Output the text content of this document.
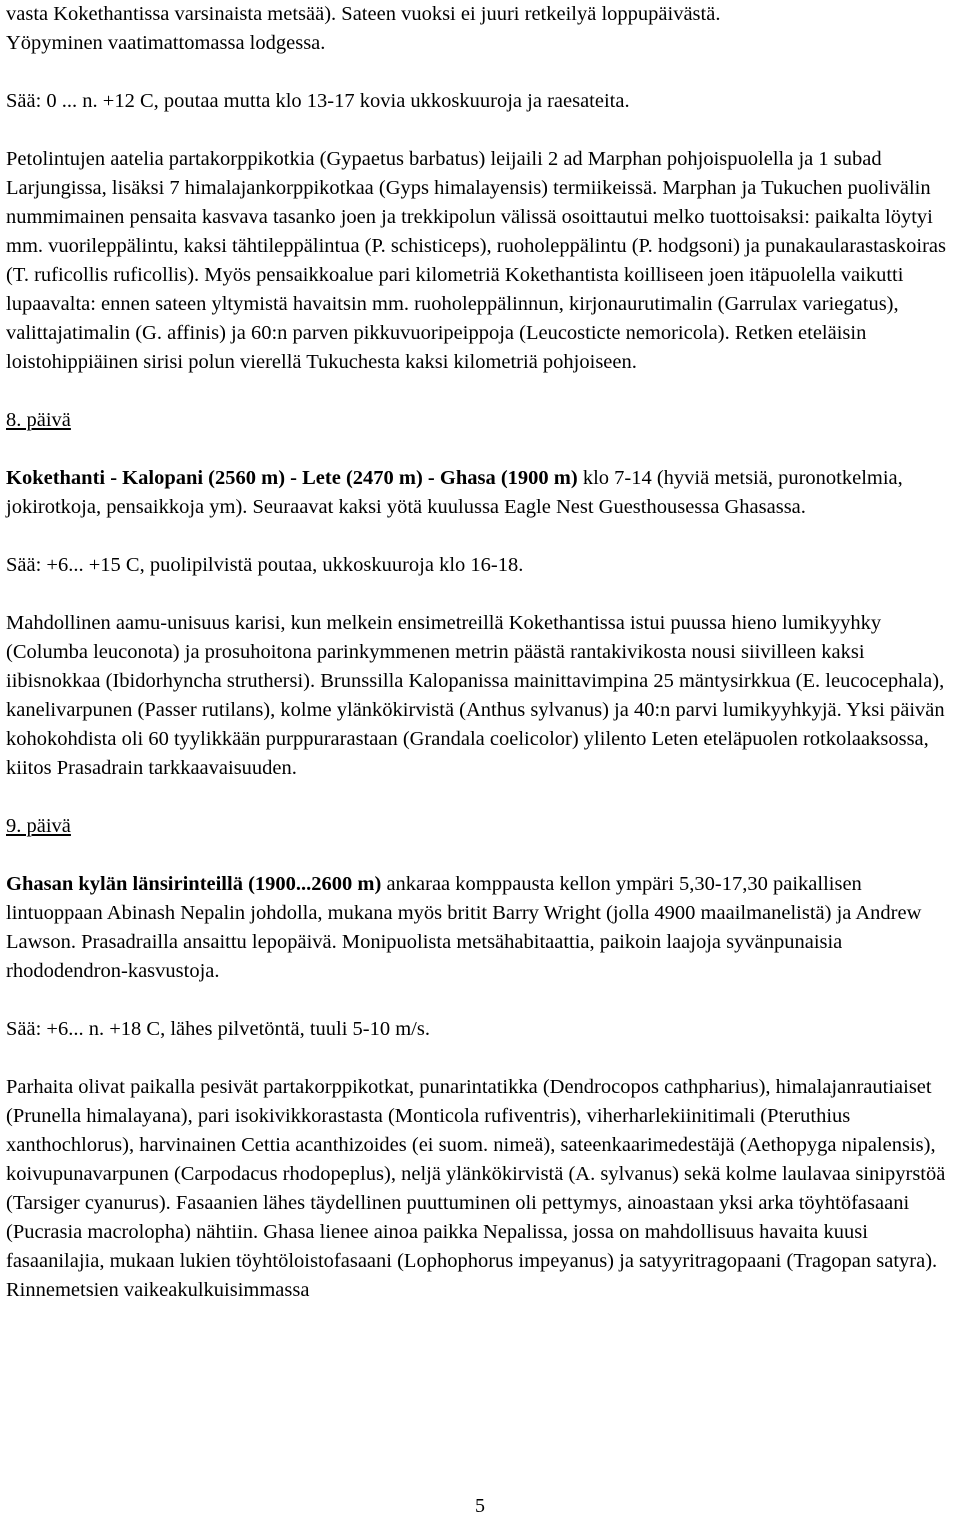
vasta Kokethantissa varsinaista metsää). Sateen vuoksi ei juuri retkeilyä loppupäivästä.
Yöpyminen vaatimattomassa lodgessa.

Sää: 0 ... n. +12 C, poutaa mutta klo 13-17 kovia ukkoskuuroja ja raesateita.

Petolintujen aatelia partakorppikotkia (Gypaetus barbatus) leijaili 2 ad Marphan pohjoispuolella ja 1 subad Larjungissa, lisäksi 7 himalajankorppikotkaa (Gyps himalayensis) termiikeissä. Marphan ja Tukuchen puolivälin nummimainen pensaita kasvava tasanko joen ja trekkipolun välissä osoittautui melko tuottoisaksi: paikalta löytyi mm. vuorileppälintu, kaksi tähtileppälintua (P. schisticeps), ruoholeppälintu (P. hodgsoni) ja punakaularastaskoiras (T. ruficollis ruficollis). Myös pensaikkoalue pari kilometriä Kokethantista koilliseen joen itäpuolella vaikutti lupaavalta: ennen sateen yltymistä havaitsin mm. ruoholeppälinnun, kirjonaurutimalin (Garrulax variegatus), valittajatimalin (G. affinis) ja 60:n parven pikkuvuoripeippoja (Leucosticte nemoricola). Retken eteläisin loistohippiäinen sirisi polun vierellä Tukuchesta kaksi kilometriä pohjoiseen.

8. päivä

Kokethanti - Kalopani (2560 m) - Lete (2470 m) - Ghasa (1900 m) klo 7-14 (hyviä metsiä, puronotkelmia, jokirotkoja, pensaikkoja ym). Seuraavat kaksi yötä kuulussa Eagle Nest Guesthousessa Ghasassa.

Sää: +6... +15 C, puolipilvistä poutaa, ukkoskuuroja klo 16-18.

Mahdollinen aamu-unisuus karisi, kun melkein ensimetreillä Kokethantissa istui puussa hieno lumikyyhky (Columba leuconota) ja prosuhoitona parinkymmenen metrin päästä rantakivikosta nousi siivilleen kaksi iibisnokkaa (Ibidorhyncha struthersi). Brunssilla Kalopanissa mainittavimpina 25 mäntysirkkua (E. leucocephala), kanelivarpunen (Passer rutilans), kolme ylänkökirvistä (Anthus sylvanus) ja 40:n parvi lumikyyhkyjä. Yksi päivän kohokohdista oli 60 tyylikkään purppurarastaan (Grandala coelicolor) ylilento Leten eteläpuolen rotkolaaksossa, kiitos Prasadrain tarkkaavaisuuden.

9. päivä

Ghasan kylän länsirinteillä (1900...2600 m) ankaraa komppausta kellon ympäri 5,30-17,30 paikallisen lintuoppaan Abinash Nepalin johdolla, mukana myös britit Barry Wright (jolla 4900 maailmanelistä) ja Andrew Lawson. Prasadrailla ansaittu lepopäivä. Monipuolista metsähabitaattia, paikoin laajoja syvänpunaisia rhododendron-kasvustoja.

Sää: +6... n. +18 C, lähes pilvetöntä, tuuli 5-10 m/s.

Parhaita olivat paikalla pesivät partakorppikotkat, punarintatikka (Dendrocopos cathpharius), himalajanrautiaiset (Prunella himalayana), pari isokivikkorastasta (Monticola rufiventris), viherharlekiinitimali (Pteruthius xanthochlorus), harvinainen Cettia acanthizoides (ei suom. nimeä), sateenkaarimedestäjä (Aethopyga nipalensis), koivupunavarpunen (Carpodacus rhodopeplus), neljä ylänkökirvistä (A. sylvanus) sekä kolme laulavaa sinipyrstöä (Tarsiger cyanurus). Fasaanien lähes täydellinen puuttuminen oli pettymys, ainoastaan yksi arka töyhtöfasaani (Pucrasia macrolopha) nähtiin. Ghasa lienee ainoa paikka Nepalissa, jossa on mahdollisuus havaita kuusi fasaanilajia, mukaan lukien töyhtöloistofasaani (Lophophorus impeyanus) ja satyyritragopaani (Tragopan satyra). Rinnemetsien vaikeakulkuisimmassa

5
